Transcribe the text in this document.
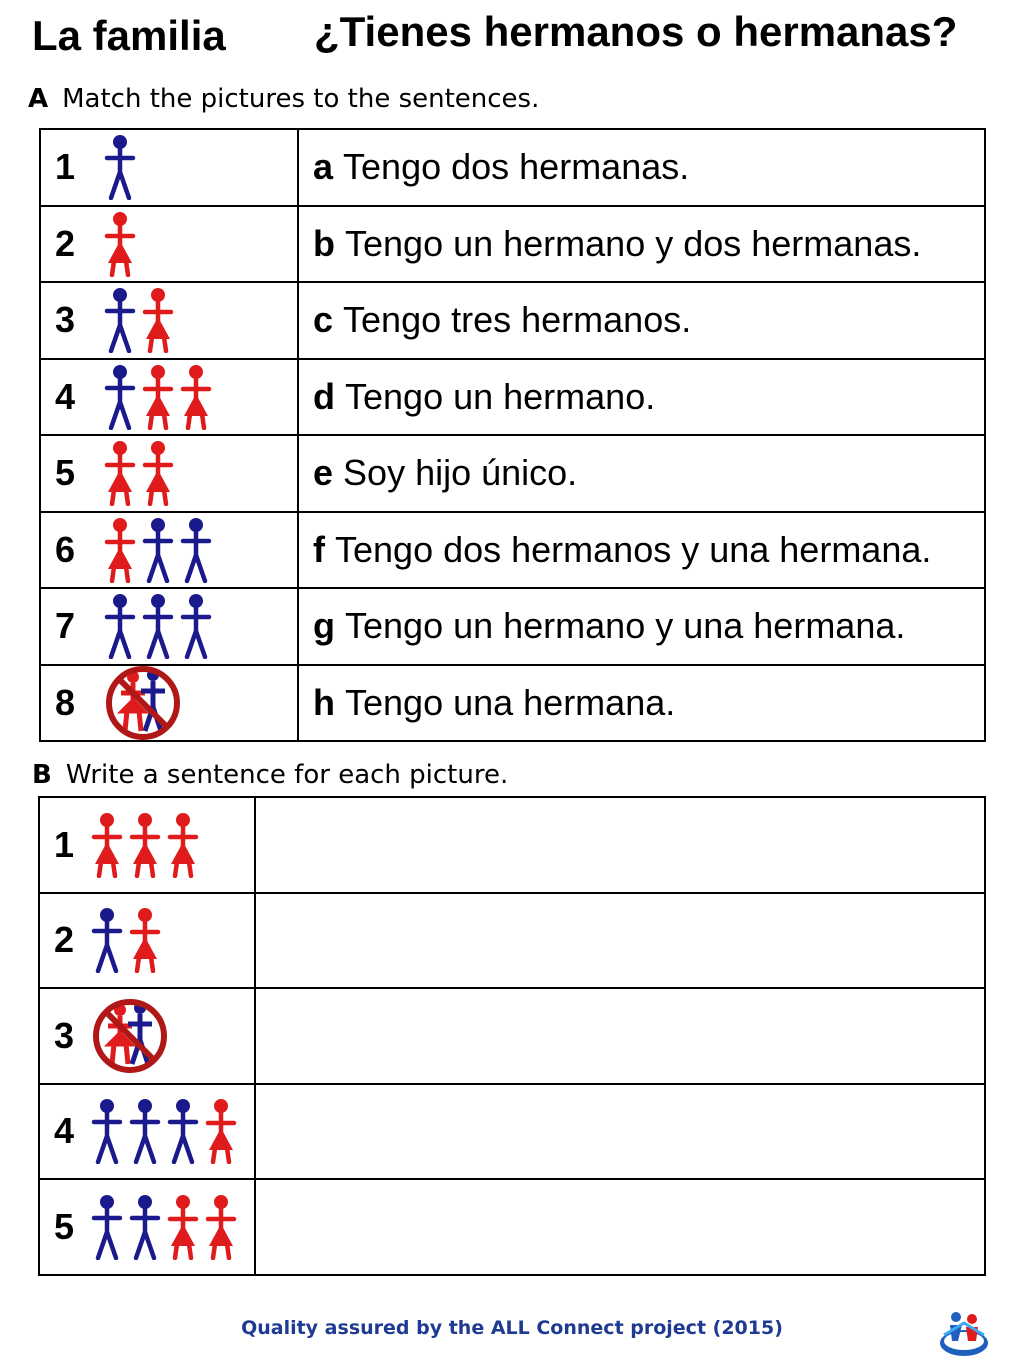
La familia ¿Tienes hermanos o hermanas?
A Match the pictures to the sentences.
1	a Tengo dos hermanas.

2	b Tengo un hermano y dos hermanas.

3	c Tengo tres hermanos.

4	d Tengo un hermano.

5	e Soy hijo único.

6	f Tengo dos hermanos y una hermana.

7	g Tengo un hermano y una hermana.

8	h Tengo una hermana.
B Write a sentence for each picture.
1	

2	

3	

4	

5	

Quality assured by the ALL Connect project (2015)
